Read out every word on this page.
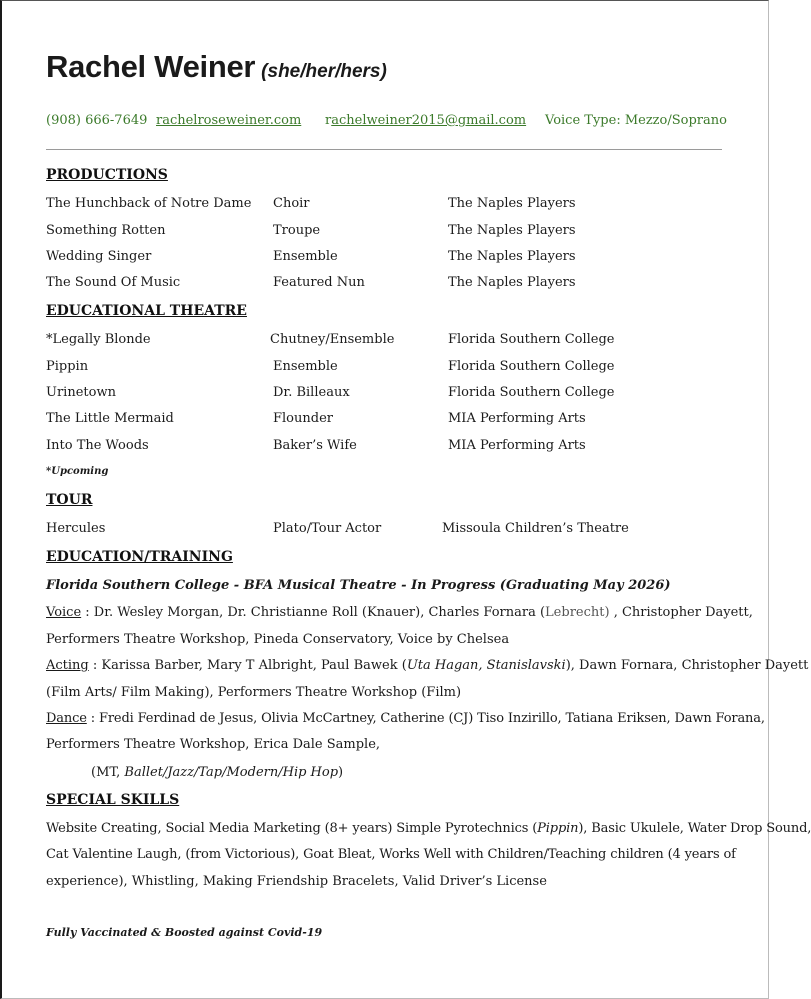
Rachel Weiner (she/her/hers)
(908) 666-7649 rachelroseweiner.com rachelweiner2015@gmail.com Voice Type: Mezzo/Soprano
PRODUCTIONS
The Hunchback of Notre Dame Choir	The Naples Players
Something Rotten	Troupe	The Naples Players
Wedding Singer	Ensemble	The Naples Players
The Sound Of Music	Featured Nun	The Naples Players
EDUCATIONAL THEATRE
*Legally Blonde	Chutney/Ensemble	Florida Southern College
Pippin	Ensemble	Florida Southern College
Urinetown	Dr. Billeaux	Florida Southern College
The Little Mermaid	Flounder	MIA Performing Arts
Into The Woods	Baker’s Wife	MIA Performing Arts
*Upcoming
TOUR
Hercules	Plato/Tour Actor	Missoula Children’s Theatre
EDUCATION/TRAINING
Florida Southern College - BFA Musical Theatre - In Progress (Graduating May 2026)
Voice : Dr. Wesley Morgan, Dr. Christianne Roll (Knauer), Charles Fornara (Lebrecht) , Christopher Dayett,
Performers Theatre Workshop, Pineda Conservatory, Voice by Chelsea
Acting : Karissa Barber, Mary T Albright, Paul Bawek (Uta Hagan, Stanislavski), Dawn Fornara, Christopher Dayett
(Film Arts/ Film Making), Performers Theatre Workshop (Film)
Dance : Fredi Ferdinad de Jesus, Olivia McCartney, Catherine (CJ) Tiso Inzirillo, Tatiana Eriksen, Dawn Forana,
Performers Theatre Workshop, Erica Dale Sample,
(MT, Ballet/Jazz/Tap/Modern/Hip Hop)
SPECIAL SKILLS
Website Creating, Social Media Marketing (8+ years) Simple Pyrotechnics (Pippin), Basic Ukulele, Water Drop Sound,
Cat Valentine Laugh, (from Victorious), Goat Bleat, Works Well with Children/Teaching children (4 years of
experience), Whistling, Making Friendship Bracelets, Valid Driver’s License
Fully Vaccinated & Boosted against Covid-19
